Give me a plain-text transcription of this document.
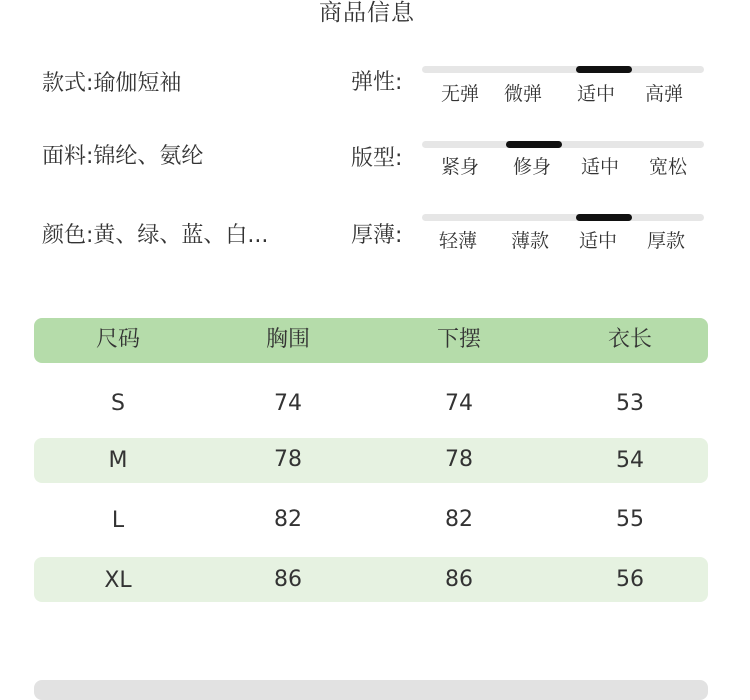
商品信息
款式:瑜伽短袖
面料:锦纶、氨纶
颜色:黄、绿、蓝、白...
弹性:	无弹	微弹	适中	高弹
版型:	紧身	修身	适中	宽松
厚薄:	轻薄	薄款	适中	厚款
尺码	胸围	下摆	衣长
S	74	74	53
M	78	78	54
L	82	82	55
XL	86	86	56
